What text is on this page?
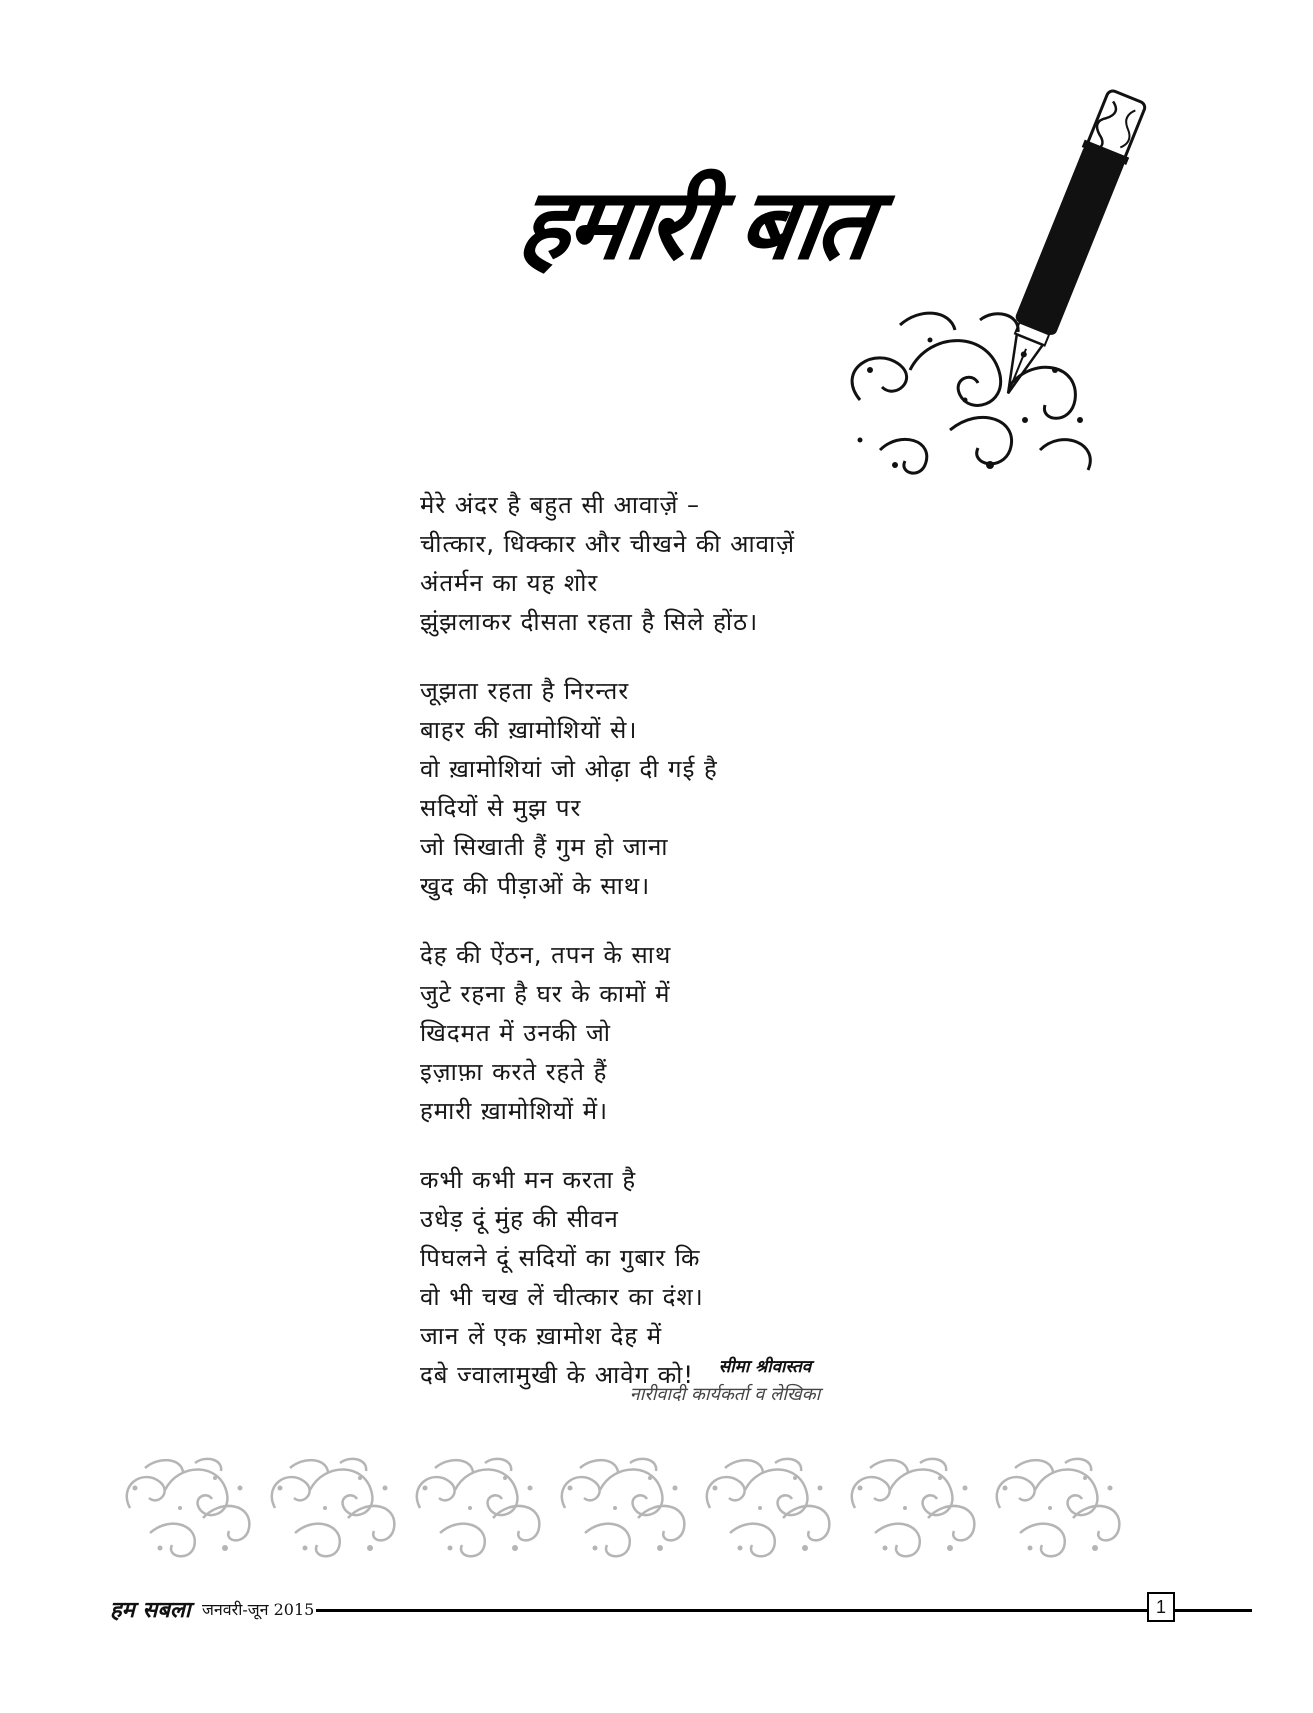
हमारी बात
मेरे अंदर है बहुत सी आवाज़ें –
चीत्कार, धिक्कार और चीखने की आवाज़ें
अंतर्मन का यह शोर
झुंझलाकर दीसता रहता है सिले होंठ।
जूझता रहता है निरन्तर
बाहर की ख़ामोशियों से।
वो ख़ामोशियां जो ओढ़ा दी गई है
सदियों से मुझ पर
जो सिखाती हैं गुम हो जाना
खुद की पीड़ाओं के साथ।
देह की ऐंठन, तपन के साथ
जुटे रहना है घर के कामों में
खिदमत में उनकी जो
इज़ाफ़ा करते रहते हैं
हमारी ख़ामोशियों में।
कभी कभी मन करता है
उधेड़ दूं मुंह की सीवन
पिघलने दूं सदियों का गुबार कि
वो भी चख लें चीत्कार का दंश।
जान लें एक ख़ामोश देह में
दबे ज्वालामुखी के आवेग को!	सीमा श्रीवास्तव
नारीवादी कार्यकर्ता व लेखिका
हम सबला जनवरी-जून 2015	1
